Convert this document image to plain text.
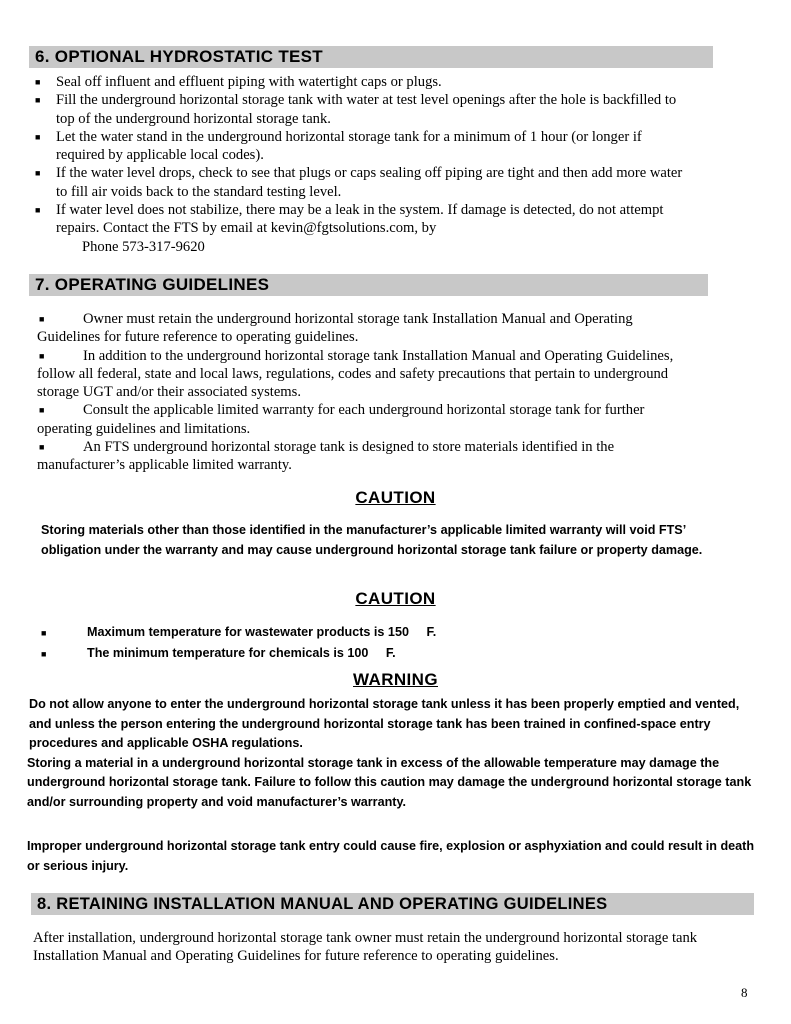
6. OPTIONAL HYDROSTATIC TEST
■ Seal off influent and effluent piping with watertight caps or plugs.
■ Fill the underground horizontal storage tank with water at test level openings after the hole is backfilled to top of the underground horizontal storage tank.
■ Let the water stand in the underground horizontal storage tank for a minimum of 1 hour (or longer if required by applicable local codes).
■ If the water level drops, check to see that plugs or caps sealing off piping are tight and then add more water to fill air voids back to the standard testing level.
■ If water level does not stabilize, there may be a leak in the system. If damage is detected, do not attempt repairs. Contact the FTS by email at kevin@fgtsolutions.com, by
Phone 573-317-9620
7. OPERATING GUIDELINES
■	Owner must retain the underground horizontal storage tank Installation Manual and Operating Guidelines for future reference to operating guidelines.
■	In addition to the underground horizontal storage tank Installation Manual and Operating Guidelines, follow all federal, state and local laws, regulations, codes and safety precautions that pertain to underground storage UGT and/or their associated systems.
■	Consult the applicable limited warranty for each underground horizontal storage tank for further operating guidelines and limitations.
■	An FTS underground horizontal storage tank is designed to store materials identified in the manufacturer’s applicable limited warranty.
CAUTION
Storing materials other than those identified in the manufacturer’s applicable limited warranty will void FTS’ obligation under the warranty and may cause underground horizontal storage tank failure or property damage.
CAUTION
■	Maximum temperature for wastewater products is 150     F.
■	The minimum temperature for chemicals is 100     F.
WARNING
Do not allow anyone to enter the underground horizontal storage tank unless it has been properly emptied and vented, and unless the person entering the underground horizontal storage tank has been trained in confined-space entry procedures and applicable OSHA regulations.
Storing a material in a underground horizontal storage tank in excess of the allowable temperature may damage the underground horizontal storage tank. Failure to follow this caution may damage the underground horizontal storage tank and/or surrounding property and void manufacturer’s warranty.
Improper underground horizontal storage tank entry could cause fire, explosion or asphyxiation and could result in death or serious injury.
8. RETAINING INSTALLATION MANUAL AND OPERATING GUIDELINES
After installation, underground horizontal storage tank owner must retain the underground horizontal storage tank Installation Manual and Operating Guidelines for future reference to operating guidelines.
8
